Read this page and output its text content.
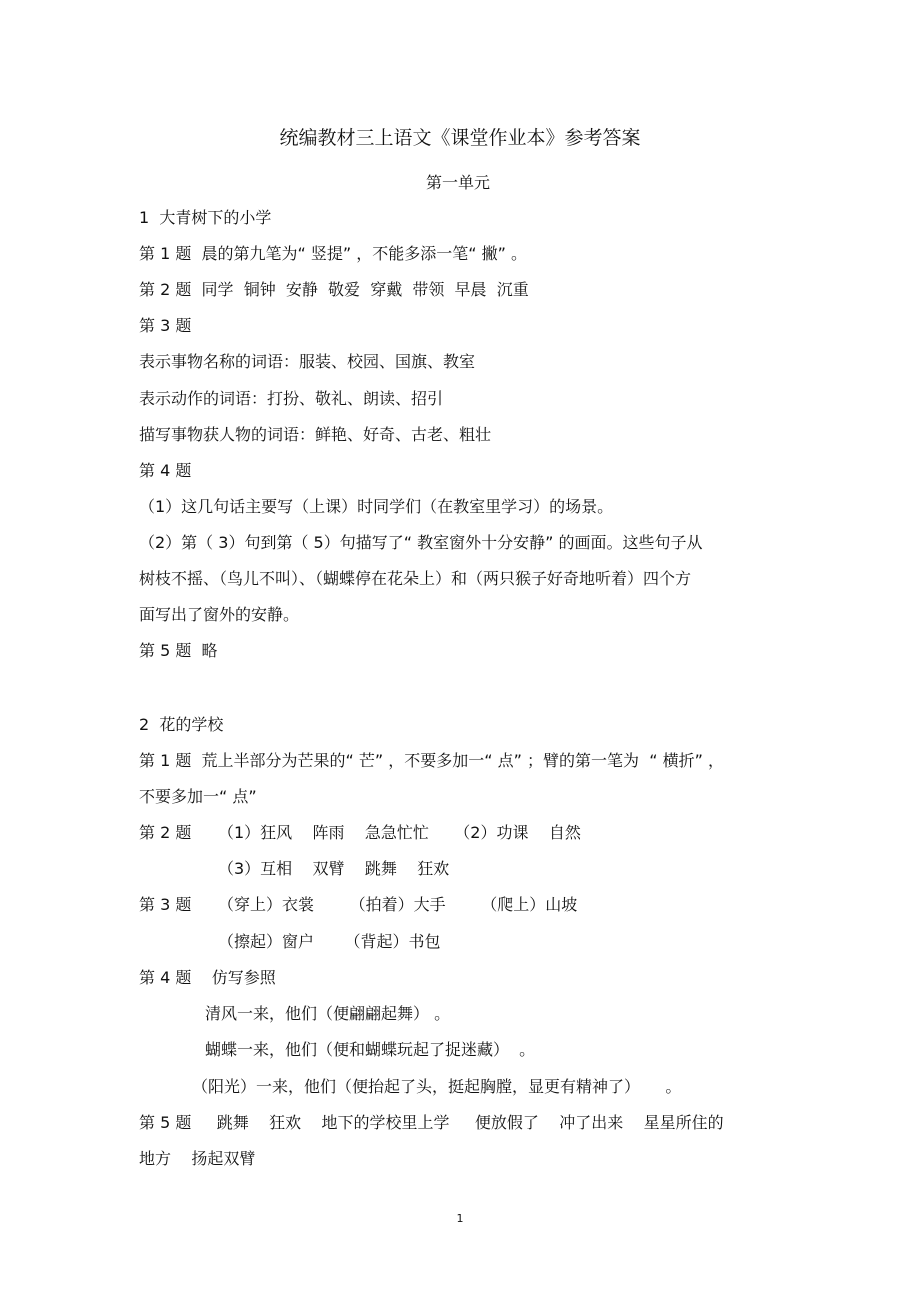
统编教材三上语文《课堂作业本》参考答案
第一单元
1  大青树下的小学
第 1 题  晨的第九笔为“ 竖提” ，不能多添一笔“ 撇” 。
第 2 题  同学  铜钟  安静  敬爱  穿戴  带领  早晨  沉重
第 3 题
表示事物名称的词语：服装、校园、国旗、教室
表示动作的词语：打扮、敬礼、朗读、招引
描写事物获人物的词语：鲜艳、好奇、古老、粗壮
第 4 题
（1）这几句话主要写（上课）时同学们（在教室里学习）的场景。
（2）第（ 3）句到第（ 5）句描写了“ 教室窗外十分安静” 的画面。这些句子从
树枝不摇、（鸟儿不叫）、（蝴蝶停在花朵上）和（两只猴子好奇地听着）四个方
面写出了窗外的安静。
第 5 题  略
2  花的学校
第 1 题  荒上半部分为芒果的“ 芒” ，不要多加一“ 点” ；臂的第一笔为  “ 横折” ，
不要多加一“ 点”
第 2 题 （1）狂风    阵雨    急急忙忙     （2）功课    自然
（3）互相    双臂    跳舞    狂欢
第 3 题 （穿上）衣裳       （拍着）大手       （爬上）山坡
（擦起）窗户      （背起）书包
第 4 题    仿写参照
清风一来，他们（便翩翩起舞） 。
蝴蝶一来，他们（便和蝴蝶玩起了捉迷藏）  。
（阳光）一来，他们（便抬起了头，挺起胸膛，显更有精神了）     。
第 5 题     跳舞    狂欢    地下的学校里上学     便放假了    冲了出来    星星所住的
地方    扬起双臂
1
